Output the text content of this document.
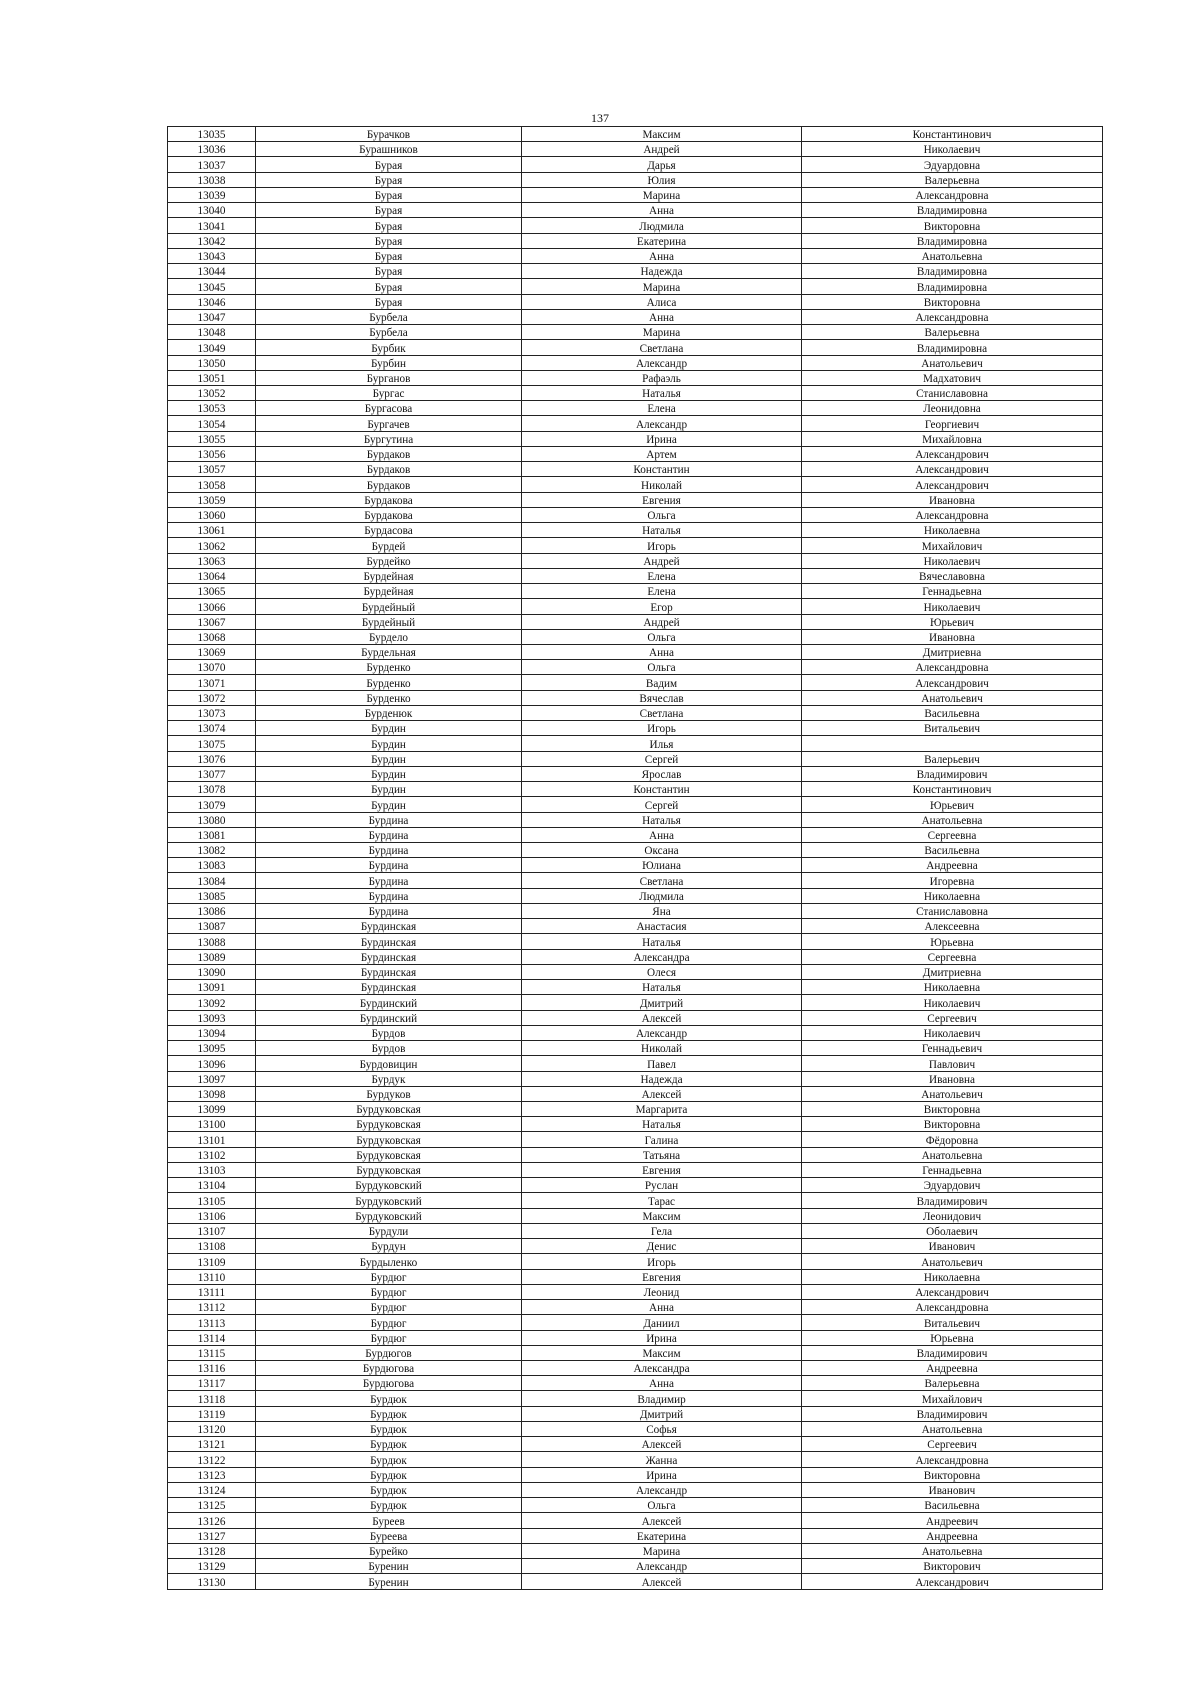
137
13035	Бурачков	Максим	Константинович
13036	Бурашников	Андрей	Николаевич
13037	Бурая	Дарья	Эдуардовна
13038	Бурая	Юлия	Валерьевна
13039	Бурая	Марина	Александровна
13040	Бурая	Анна	Владимировна
13041	Бурая	Людмила	Викторовна
13042	Бурая	Екатерина	Владимировна
13043	Бурая	Анна	Анатольевна
13044	Бурая	Надежда	Владимировна
13045	Бурая	Марина	Владимировна
13046	Бурая	Алиса	Викторовна
13047	Бурбела	Анна	Александровна
13048	Бурбела	Марина	Валерьевна
13049	Бурбик	Светлана	Владимировна
13050	Бурбин	Александр	Анатольевич
13051	Бурганов	Рафаэль	Мадхатович
13052	Бургас	Наталья	Станиславовна
13053	Бургасова	Елена	Леонидовна
13054	Бургачев	Александр	Георгиевич
13055	Бургутина	Ирина	Михайловна
13056	Бурдаков	Артем	Александрович
13057	Бурдаков	Константин	Александрович
13058	Бурдаков	Николай	Александрович
13059	Бурдакова	Евгения	Ивановна
13060	Бурдакова	Ольга	Александровна
13061	Бурдасова	Наталья	Николаевна
13062	Бурдей	Игорь	Михайлович
13063	Бурдейко	Андрей	Николаевич
13064	Бурдейная	Елена	Вячеславовна
13065	Бурдейная	Елена	Геннадьевна
13066	Бурдейный	Егор	Николаевич
13067	Бурдейный	Андрей	Юрьевич
13068	Бурдело	Ольга	Ивановна
13069	Бурдельная	Анна	Дмитриевна
13070	Бурденко	Ольга	Александровна
13071	Бурденко	Вадим	Александрович
13072	Бурденко	Вячеслав	Анатольевич
13073	Бурденюк	Светлана	Васильевна
13074	Бурдин	Игорь	Витальевич
13075	Бурдин	Илья	
13076	Бурдин	Сергей	Валерьевич
13077	Бурдин	Ярослав	Владимирович
13078	Бурдин	Константин	Константинович
13079	Бурдин	Сергей	Юрьевич
13080	Бурдина	Наталья	Анатольевна
13081	Бурдина	Анна	Сергеевна
13082	Бурдина	Оксана	Васильевна
13083	Бурдина	Юлиана	Андреевна
13084	Бурдина	Светлана	Игоревна
13085	Бурдина	Людмила	Николаевна
13086	Бурдина	Яна	Станиславовна
13087	Бурдинская	Анастасия	Алексеевна
13088	Бурдинская	Наталья	Юрьевна
13089	Бурдинская	Александра	Сергеевна
13090	Бурдинская	Олеся	Дмитриевна
13091	Бурдинская	Наталья	Николаевна
13092	Бурдинский	Дмитрий	Николаевич
13093	Бурдинский	Алексей	Сергеевич
13094	Бурдов	Александр	Николаевич
13095	Бурдов	Николай	Геннадьевич
13096	Бурдовицин	Павел	Павлович
13097	Бурдук	Надежда	Ивановна
13098	Бурдуков	Алексей	Анатольевич
13099	Бурдуковская	Маргарита	Викторовна
13100	Бурдуковская	Наталья	Викторовна
13101	Бурдуковская	Галина	Фёдоровна
13102	Бурдуковская	Татьяна	Анатольевна
13103	Бурдуковская	Евгения	Геннадьевна
13104	Бурдуковский	Руслан	Эдуардович
13105	Бурдуковский	Тарас	Владимирович
13106	Бурдуковский	Максим	Леонидович
13107	Бурдули	Гела	Оболаевич
13108	Бурдун	Денис	Иванович
13109	Бурдыленко	Игорь	Анатольевич
13110	Бурдюг	Евгения	Николаевна
13111	Бурдюг	Леонид	Александрович
13112	Бурдюг	Анна	Александровна
13113	Бурдюг	Даниил	Витальевич
13114	Бурдюг	Ирина	Юрьевна
13115	Бурдюгов	Максим	Владимирович
13116	Бурдюгова	Александра	Андреевна
13117	Бурдюгова	Анна	Валерьевна
13118	Бурдюк	Владимир	Михайлович
13119	Бурдюк	Дмитрий	Владимирович
13120	Бурдюк	Софья	Анатольевна
13121	Бурдюк	Алексей	Сергеевич
13122	Бурдюк	Жанна	Александровна
13123	Бурдюк	Ирина	Викторовна
13124	Бурдюк	Александр	Иванович
13125	Бурдюк	Ольга	Васильевна
13126	Буреев	Алексей	Андреевич
13127	Буреева	Екатерина	Андреевна
13128	Бурейко	Марина	Анатольевна
13129	Буренин	Александр	Викторович
13130	Буренин	Алексей	Александрович
